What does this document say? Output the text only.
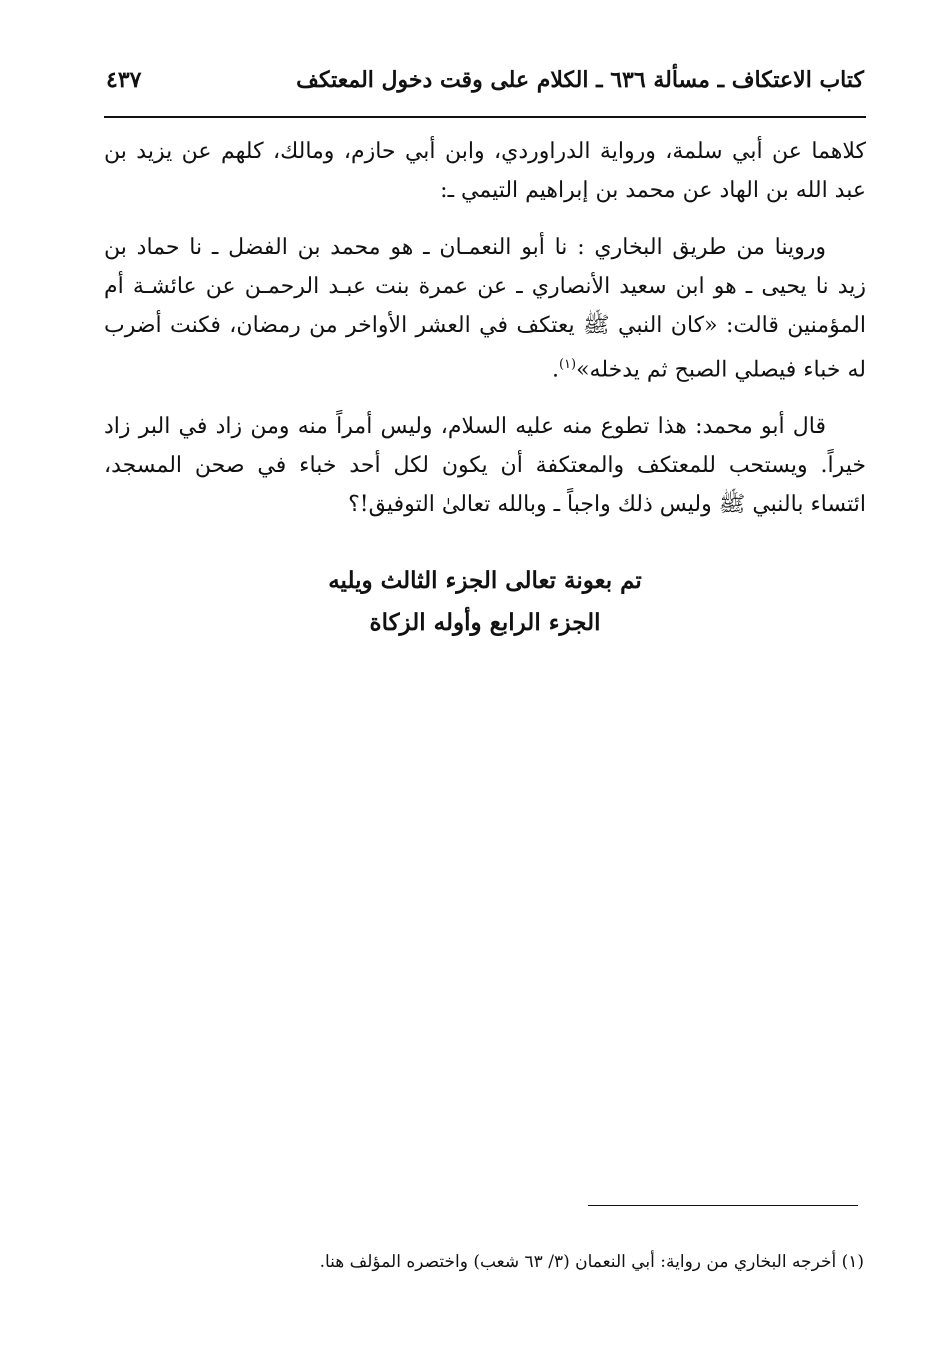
كتاب الاعتكاف ـ مسألة ٦٣٦ ـ الكلام على وقت دخول المعتكف
٤٣٧

كلاهما عن أبي سلمة، ورواية الدراوردي، وابن أبي حازم، ومالك، كلهم عن يزيد بن
عبد الله بن الهاد عن محمد بن إبراهيم التيمي ـ:

وروينا من طريق البخاري : نا أبو النعمـان ـ هو محمد بن الفضل ـ نا حماد بن
زيد نا يحيى ـ هو ابن سعيد الأنصاري ـ عن عمرة بنت عبـد الرحمـن عن عائشـة أم
المؤمنين قالت: «كان النبي ﷺ يعتكف في العشر الأواخر من رمضان، فكنت أضرب
له خباء فيصلي الصبح ثم يدخله»$^{(١)}$.

قال أبو محمد: هذا تطوع منه عليه السلام، وليس أمراً منه ومن زاد في البر زاد
خيراً. ويستحب للمعتكف والمعتكفة أن يكون لكل أحد خباء في صحن المسجد،
ائتساء بالنبي ﷺ وليس ذلك واجباً ـ وبالله تعالىٰ التوفيق!؟

تم بعونة تعالى الجزء الثالث ويليه
الجزء الرابع وأوله الزكاة
(١) أخرجه البخاري من رواية: أبي النعمان (٣/ ٦٣ شعب) واختصره المؤلف هنا.
